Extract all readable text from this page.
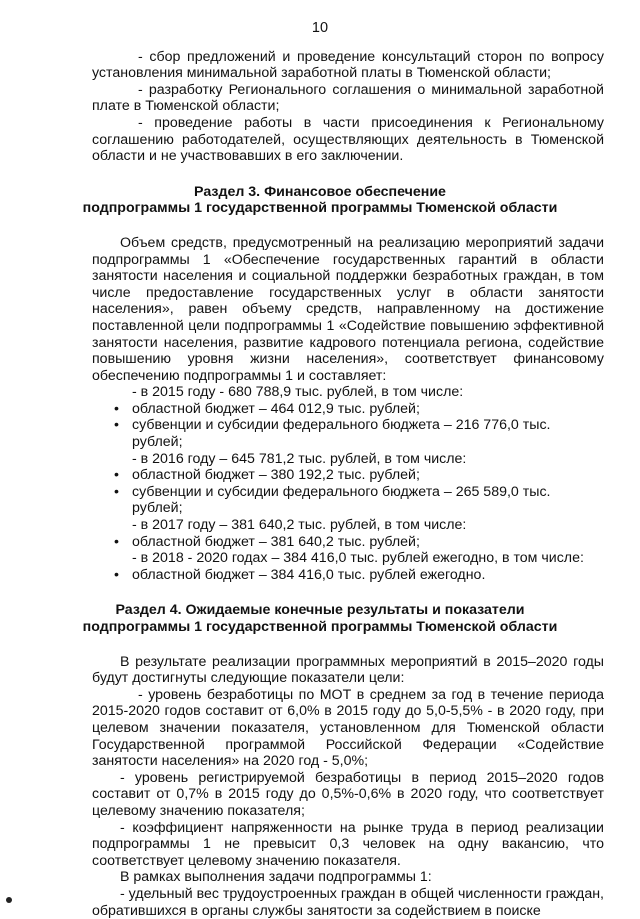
10

- сбор предложений и проведение консультаций сторон по вопросу установления минимальной заработной платы в Тюменской области;

- разработку Регионального соглашения о минимальной заработной плате в Тюменской области;

- проведение работы в части присоединения к Региональному соглашению работодателей, осуществляющих деятельность в Тюменской области и не участвовавших в его заключении.

Раздел 3. Финансовое обеспечение
подпрограммы 1 государственной программы Тюменской области

Объем средств, предусмотренный на реализацию мероприятий задачи подпрограммы 1 «Обеспечение государственных гарантий в области занятости населения и социальной поддержки безработных граждан, в том числе предоставление государственных услуг в области занятости населения», равен объему средств, направленному на достижение поставленной цели подпрограммы 1 «Содействие повышению эффективной занятости населения, развитие кадрового потенциала региона, содействие повышению уровня жизни населения», соответствует финансовому обеспечению подпрограммы 1 и составляет:

- в 2015 году - 680 788,9 тыс. рублей, в том числе:
• областной бюджет – 464 012,9 тыс. рублей;
• субвенции и субсидии федерального бюджета – 216 776,0 тыс. рублей;
- в 2016 году – 645 781,2 тыс. рублей, в том числе:
• областной бюджет – 380 192,2 тыс. рублей;
• субвенции и субсидии федерального бюджета – 265 589,0 тыс. рублей;
- в 2017 году – 381 640,2 тыс. рублей, в том числе:
• областной бюджет – 381 640,2 тыс. рублей;
- в 2018 - 2020 годах – 384 416,0 тыс. рублей ежегодно, в том числе:
• областной бюджет – 384 416,0 тыс. рублей ежегодно.
Раздел 4. Ожидаемые конечные результаты и показатели
подпрограммы 1 государственной программы Тюменской области

В результате реализации программных мероприятий в 2015–2020 годы будут достигнуты следующие показатели цели:

- уровень безработицы по МОТ в среднем за год в течение периода 2015-2020 годов составит от 6,0% в 2015 году до 5,0-5,5% - в 2020 году, при целевом значении показателя, установленном для Тюменской области Государственной программой Российской Федерации «Содействие занятости населения» на 2020 год - 5,0%;

- уровень регистрируемой безработицы в период 2015–2020 годов составит от 0,7% в 2015 году до 0,5%-0,6% в 2020 году, что соответствует целевому значению показателя;

- коэффициент напряженности на рынке труда в период реализации подпрограммы 1 не превысит 0,3 человек на одну вакансию, что соответствует целевому значению показателя.

В рамках выполнения задачи подпрограммы 1:

- удельный вес трудоустроенных граждан в общей численности граждан, обратившихся в органы службы занятости за содействием в поиске
